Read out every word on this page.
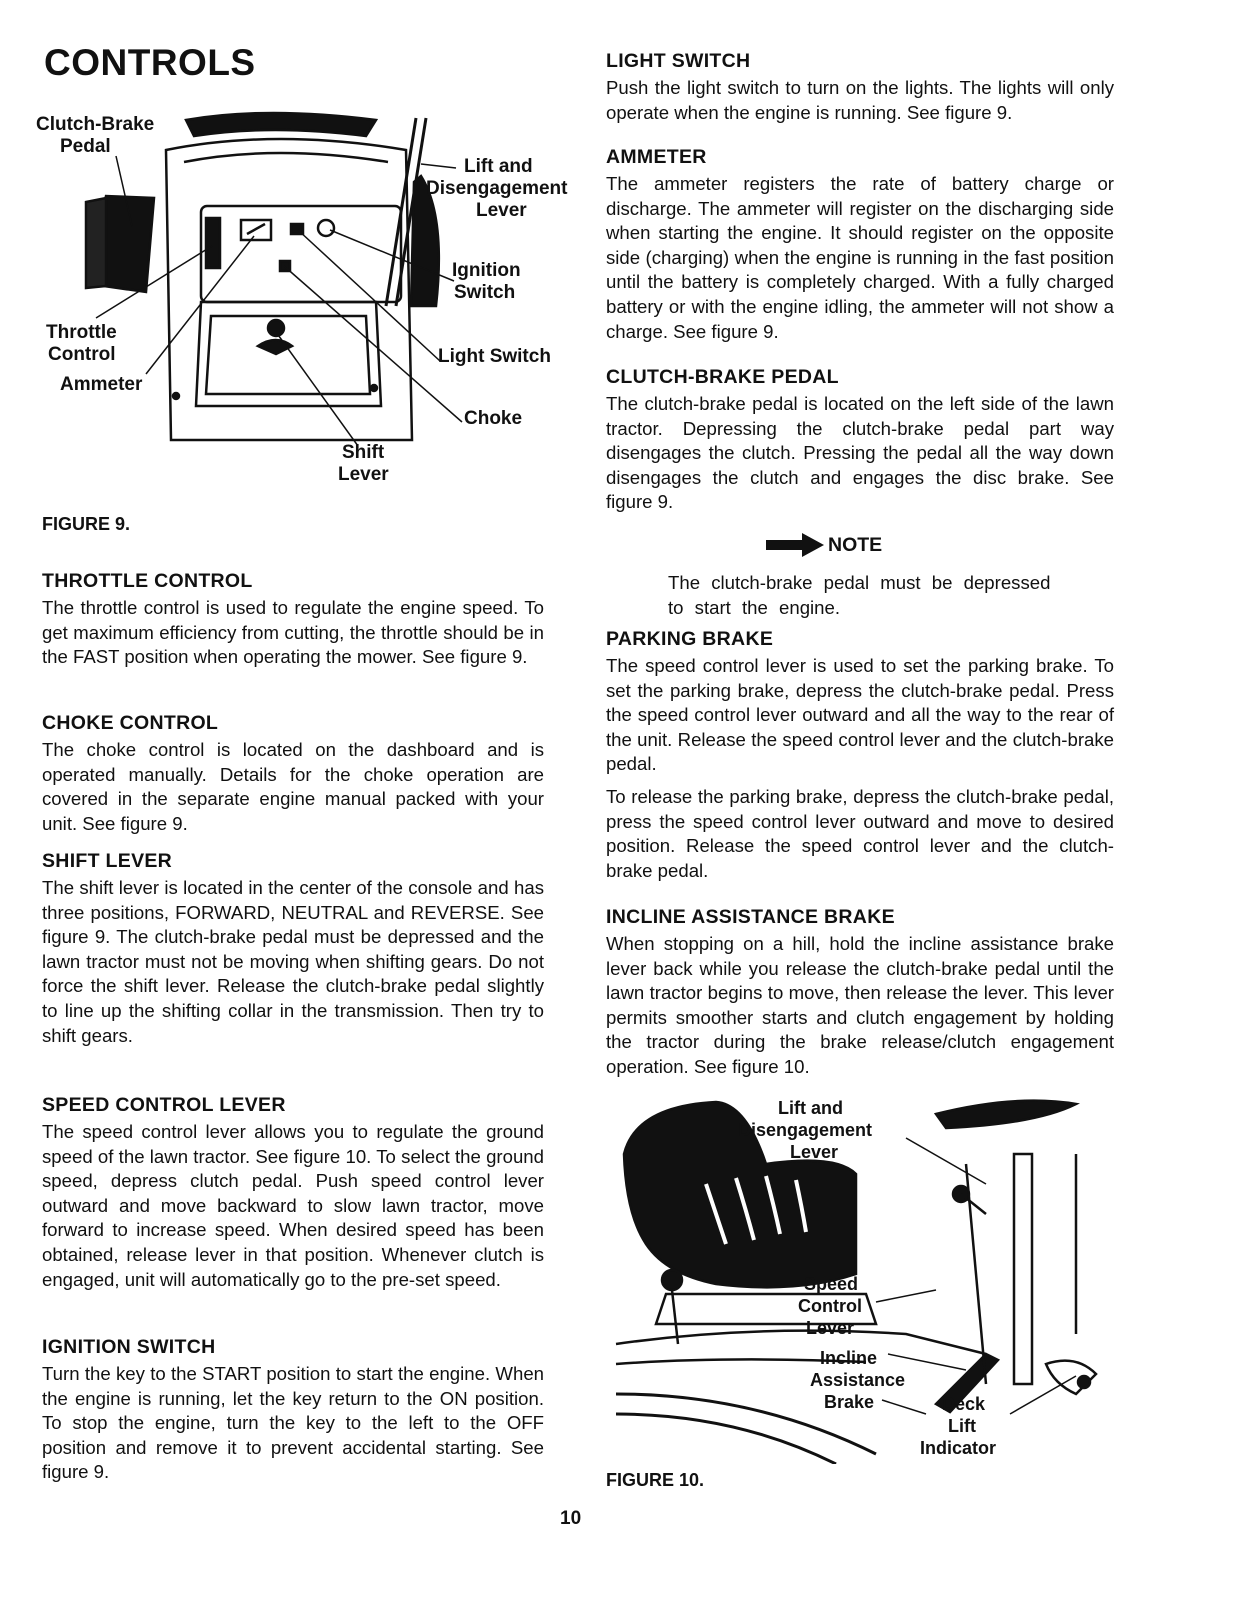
CONTROLS
Clutch-Brake
Pedal
Lift and
Disengagement
Lever
Ignition
Switch
Throttle
Control
Ammeter
Light Switch
Choke
Shift
Lever
FIGURE 9.
THROTTLE CONTROL

The throttle control is used to regulate the engine speed. To get maximum efficiency from cutting, the throttle should be in the FAST position when operating the mower. See figure 9.

CHOKE CONTROL

The choke control is located on the dashboard and is operated manually. Details for the choke operation are covered in the separate engine manual packed with your unit. See figure 9.

SHIFT LEVER

The shift lever is located in the center of the console and has three positions, FORWARD, NEUTRAL and REVERSE. See figure 9. The clutch-brake pedal must be depressed and the lawn tractor must not be moving when shifting gears. Do not force the shift lever. Release the clutch-brake pedal slightly to line up the shifting collar in the transmission. Then try to shift gears.

SPEED CONTROL LEVER

The speed control lever allows you to regulate the ground speed of the lawn tractor. See figure 10. To select the ground speed, depress clutch pedal. Push speed control lever outward and move backward to slow lawn tractor, move forward to increase speed. When desired speed has been obtained, release lever in that position. Whenever clutch is engaged, unit will automatically go to the pre-set speed.

IGNITION SWITCH

Turn the key to the START position to start the engine. When the engine is running, let the key return to the ON position. To stop the engine, turn the key to the left to the OFF position and remove it to prevent accidental starting. See figure 9.

LIGHT SWITCH

Push the light switch to turn on the lights. The lights will only operate when the engine is running. See figure 9.

AMMETER

The ammeter registers the rate of battery charge or discharge. The ammeter will register on the discharging side when starting the engine. It should register on the opposite side (charging) when the engine is running in the fast position until the battery is completely charged. With a fully charged battery or with the engine idling, the ammeter will not show a charge. See figure 9.

CLUTCH-BRAKE PEDAL

The clutch-brake pedal is located on the left side of the lawn tractor. Depressing the clutch-brake pedal part way disengages the clutch. Pressing the pedal all the way down disengages the clutch and engages the disc brake. See figure 9.

NOTE
The clutch-brake pedal must be depressed to start the engine.
PARKING BRAKE

The speed control lever is used to set the parking brake. To set the parking brake, depress the clutch-brake pedal. Press the speed control lever outward and all the way to the rear of the unit. Release the speed control lever and the clutch-brake pedal.

To release the parking brake, depress the clutch-brake pedal, press the speed control lever outward and move to desired position. Release the speed control lever and the clutch-brake pedal.

INCLINE ASSISTANCE BRAKE

When stopping on a hill, hold the incline assistance brake lever back while you release the clutch-brake pedal until the lawn tractor begins to move, then release the lever. This lever permits smoother starts and clutch engagement by holding the tractor during the brake release/clutch engagement operation. See figure 10.

Lift and
Disengagement
Lever
Speed
Control
Lever
Incline
Assistance
Brake	Deck
Lift
Indicator
FIGURE 10.
10
